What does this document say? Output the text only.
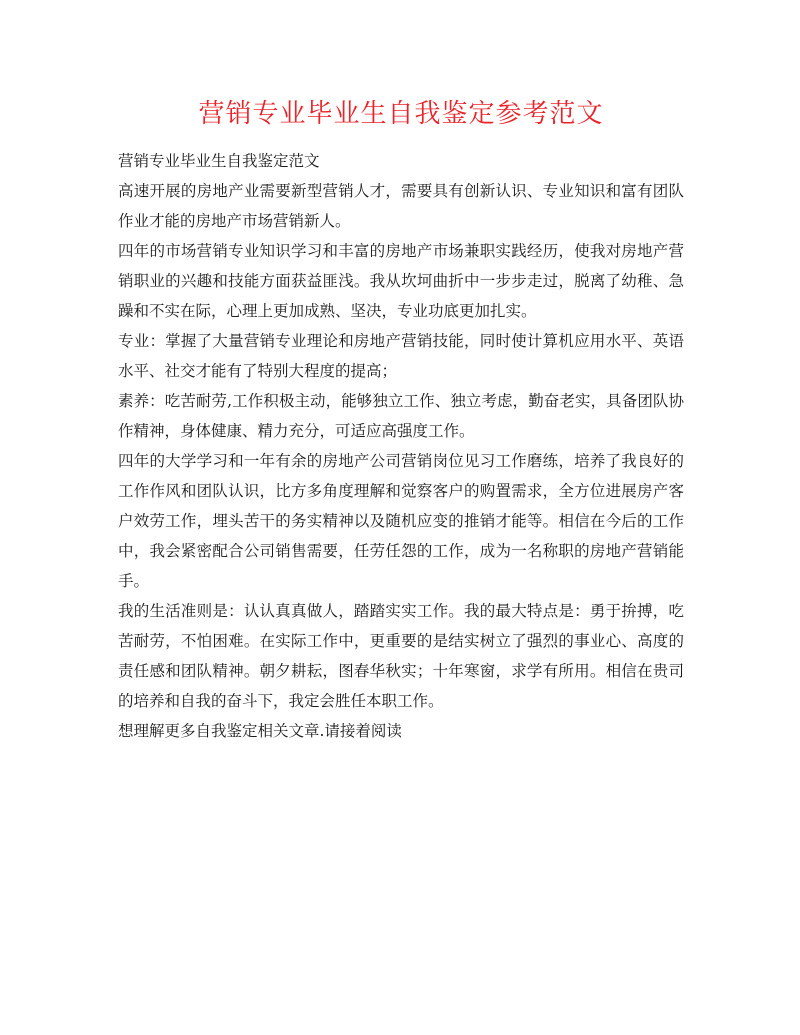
营销专业毕业生自我鉴定参考范文

营销专业毕业生自我鉴定范文

高速开展的房地产业需要新型营销人才，需要具有创新认识、专业知识和富有团队作业才能的房地产市场营销新人。

四年的市场营销专业知识学习和丰富的房地产市场兼职实践经历，使我对房地产营销职业的兴趣和技能方面获益匪浅。我从坎坷曲折中一步步走过，脱离了幼稚、急躁和不实在际，心理上更加成熟、坚决，专业功底更加扎实。

专业：掌握了大量营销专业理论和房地产营销技能，同时使计算机应用水平、英语水平、社交才能有了特别大程度的提高；

素养：吃苦耐劳,工作积极主动，能够独立工作、独立考虑，勤奋老实，具备团队协作精神，身体健康、精力充分，可适应高强度工作。

四年的大学学习和一年有余的房地产公司营销岗位见习工作磨练，培养了我良好的工作作风和团队认识，比方多角度理解和觉察客户的购置需求，全方位进展房产客户效劳工作，埋头苦干的务实精神以及随机应变的推销才能等。相信在今后的工作中，我会紧密配合公司销售需要，任劳任怨的工作，成为一名称职的房地产营销能手。

我的生活准则是：认认真真做人，踏踏实实工作。我的最大特点是：勇于拚搏，吃苦耐劳，不怕困难。在实际工作中，更重要的是结实树立了强烈的事业心、高度的责任感和团队精神。朝夕耕耘，图春华秋实；十年寒窗，求学有所用。相信在贵司的培养和自我的奋斗下，我定会胜任本职工作。

想理解更多自我鉴定相关文章.请接着阅读
